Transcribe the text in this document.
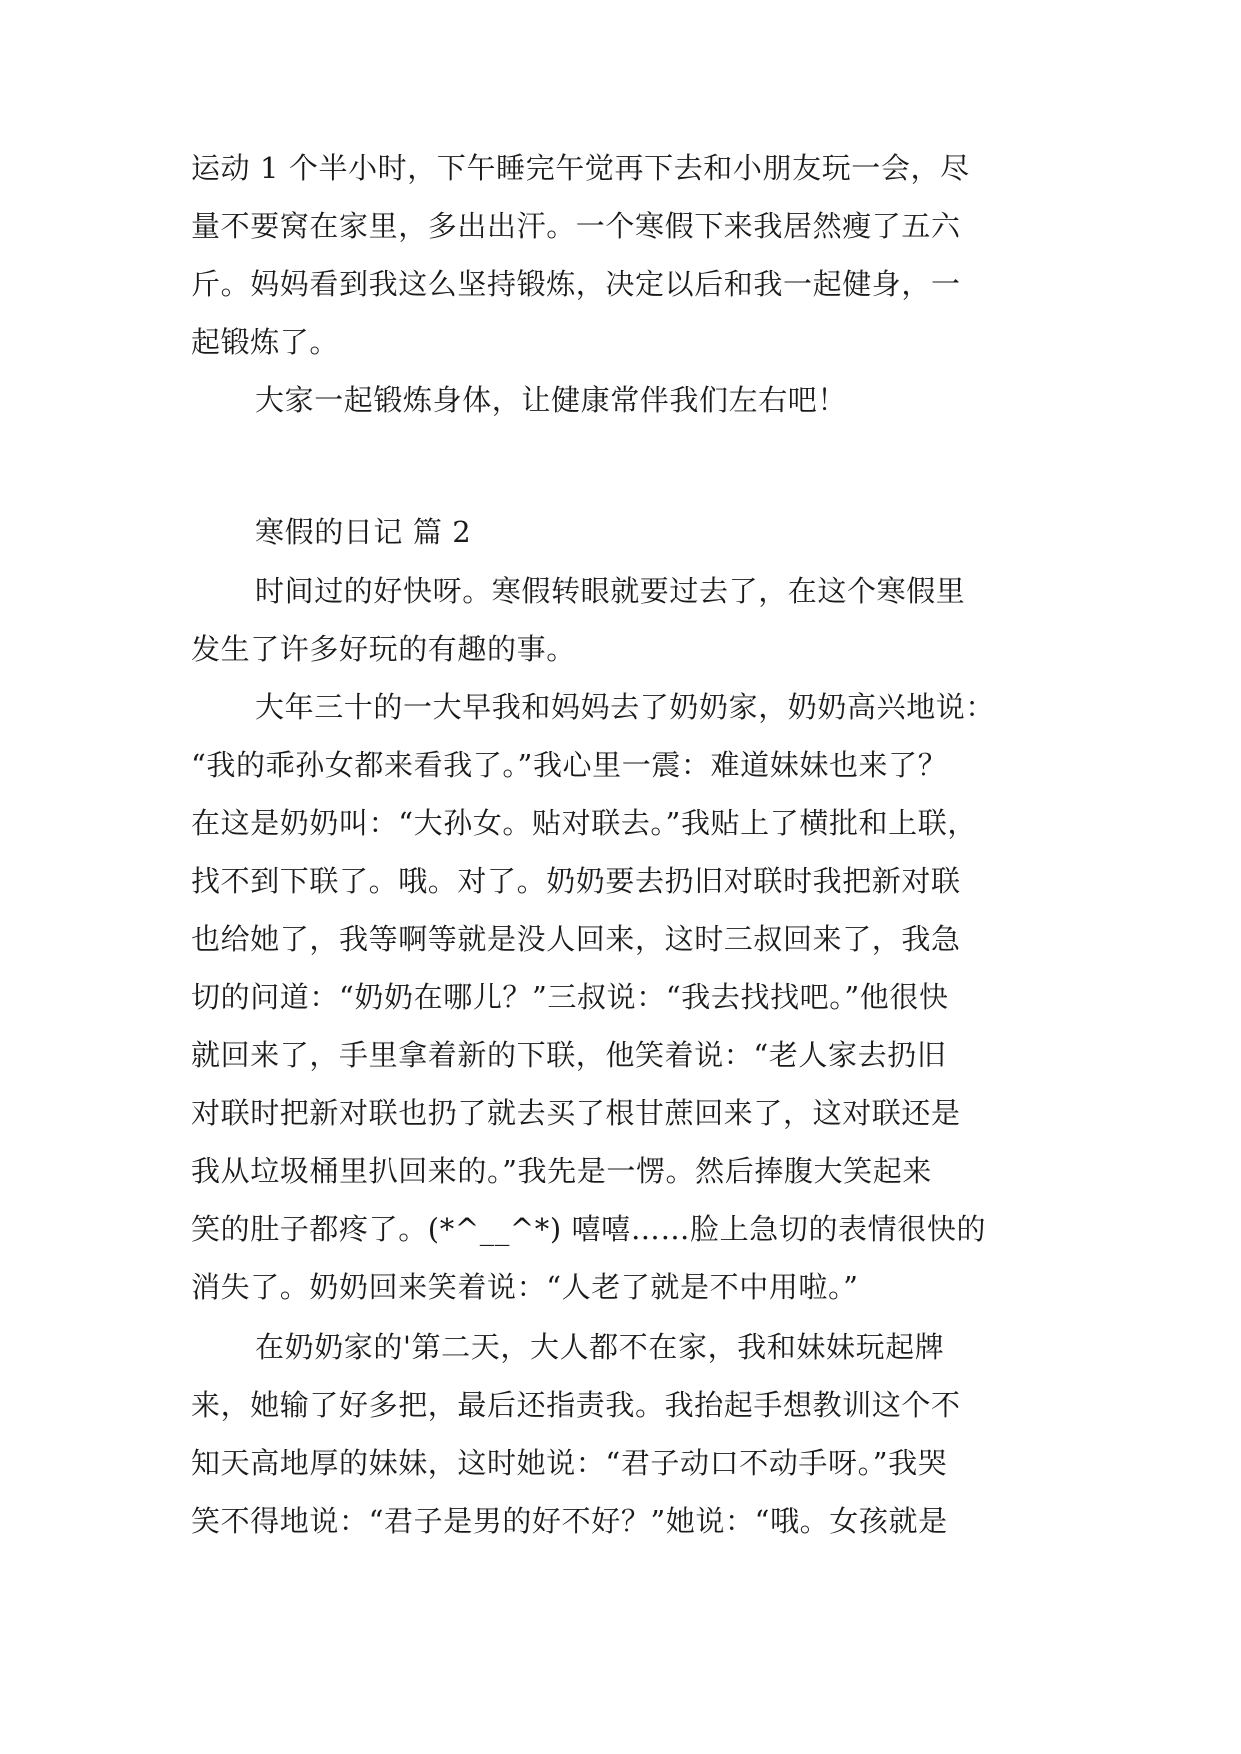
运动 1 个半小时，下午睡完午觉再下去和小朋友玩一会，尽
量不要窝在家里，多出出汗。一个寒假下来我居然瘦了五六
斤。妈妈看到我这么坚持锻炼，决定以后和我一起健身，一
起锻炼了。
大家一起锻炼身体，让健康常伴我们左右吧！
寒假的日记 篇 2
时间过的好快呀。寒假转眼就要过去了，在这个寒假里
发生了许多好玩的有趣的事。
大年三十的一大早我和妈妈去了奶奶家，奶奶高兴地说：
“我的乖孙女都来看我了。”我心里一震：难道妹妹也来了？
在这是奶奶叫：“大孙女。贴对联去。”我贴上了横批和上联，
找不到下联了。哦。对了。奶奶要去扔旧对联时我把新对联
也给她了，我等啊等就是没人回来，这时三叔回来了，我急
切的问道：“奶奶在哪儿？”三叔说：“我去找找吧。”他很快
就回来了，手里拿着新的下联，他笑着说：“老人家去扔旧
对联时把新对联也扔了就去买了根甘蔗回来了，这对联还是
我从垃圾桶里扒回来的。”我先是一愣。然后捧腹大笑起来
笑的肚子都疼了。(*^__^*) 嘻嘻……脸上急切的表情很快的
消失了。奶奶回来笑着说：“人老了就是不中用啦。”
在奶奶家的'第二天，大人都不在家，我和妹妹玩起牌
来，她输了好多把，最后还指责我。我抬起手想教训这个不
知天高地厚的妹妹，这时她说：“君子动口不动手呀。”我哭
笑不得地说：“君子是男的好不好？”她说：“哦。女孩就是
